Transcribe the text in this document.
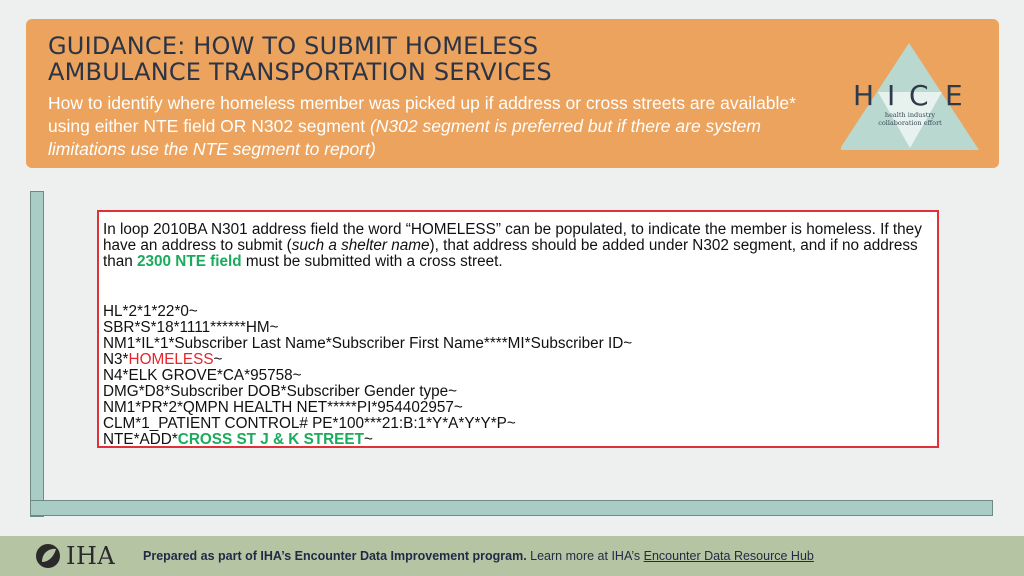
GUIDANCE: HOW TO SUBMIT HOMELESS
AMBULANCE TRANSPORTATION SERVICES
How to identify where homeless member was picked up if address or cross streets are available* using either NTE field OR N302 segment (N302 segment is preferred but if there are system limitations use the NTE segment to report)
H I C E
health industry
collaboration effort
In loop 2010BA N301 address field the word “HOMELESS” can be populated, to indicate the member is homeless. If they have an address to submit (such a shelter name), that address should be added under N302 segment, and if no address than 2300 NTE field must be submitted with a cross street.
HL*2*1*22*0~
SBR*S*18*1111******HM~
NM1*IL*1*Subscriber Last Name*Subscriber First Name****MI*Subscriber ID~
N3*HOMELESS~
N4*ELK GROVE*CA*95758~
DMG*D8*Subscriber DOB*Subscriber Gender type~
NM1*PR*2*QMPN HEALTH NET*****PI*954402957~
CLM*1_PATIENT CONTROL# PE*100***21:B:1*Y*A*Y*Y*P~
NTE*ADD*CROSS ST J & K STREET~
IHA Prepared as part of IHA’s Encounter Data Improvement program. Learn more at IHA’s Encounter Data Resource Hub
